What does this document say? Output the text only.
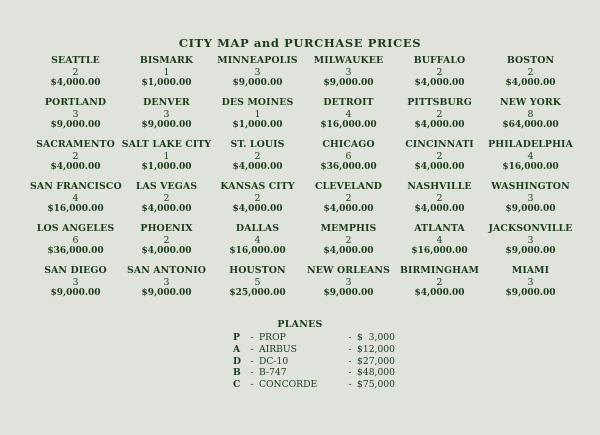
CITY MAP and PURCHASE PRICES
SEATTLE
2
$4,000.00
BISMARK
1
$1,000.00
MINNEAPOLIS
3
$9,000.00
MILWAUKEE
3
$9,000.00
BUFFALO
2
$4,000.00
BOSTON
2
$4,000.00
PORTLAND
3
$9,000.00
DENVER
3
$9,000.00
DES MOINES
1
$1,000.00
DETROIT
4
$16,000.00
PITTSBURG
2
$4,000.00
NEW YORK
8
$64,000.00
SACRAMENTO
2
$4,000.00
SALT LAKE CITY
1
$1,000.00
ST. LOUIS
2
$4,000.00
CHICAGO
6
$36,000.00
CINCINNATI
2
$4,000.00
PHILADELPHIA
4
$16,000.00
SAN FRANCISCO
4
$16,000.00
LAS VEGAS
2
$4,000.00
KANSAS CITY
2
$4,000.00
CLEVELAND
2
$4,000.00
NASHVILLE
2
$4,000.00
WASHINGTON
3
$9,000.00
LOS ANGELES
6
$36,000.00
PHOENIX
2
$4,000.00
DALLAS
4
$16,000.00
MEMPHIS
2
$4,000.00
ATLANTA
4
$16,000.00
JACKSONVILLE
3
$9,000.00
SAN DIEGO
3
$9,000.00
SAN ANTONIO
3
$9,000.00
HOUSTON
5
$25,000.00
NEW ORLEANS
3
$9,000.00
BIRMINGHAM
2
$4,000.00
MIAMI
3
$9,000.00
PLANES
P	- PROP	- $  3,000
A	- AIRBUS	- $12,000
D	- DC-10	- $27,000
B	- B-747	- $48,000
C	- CONCORDE	- $75,000
